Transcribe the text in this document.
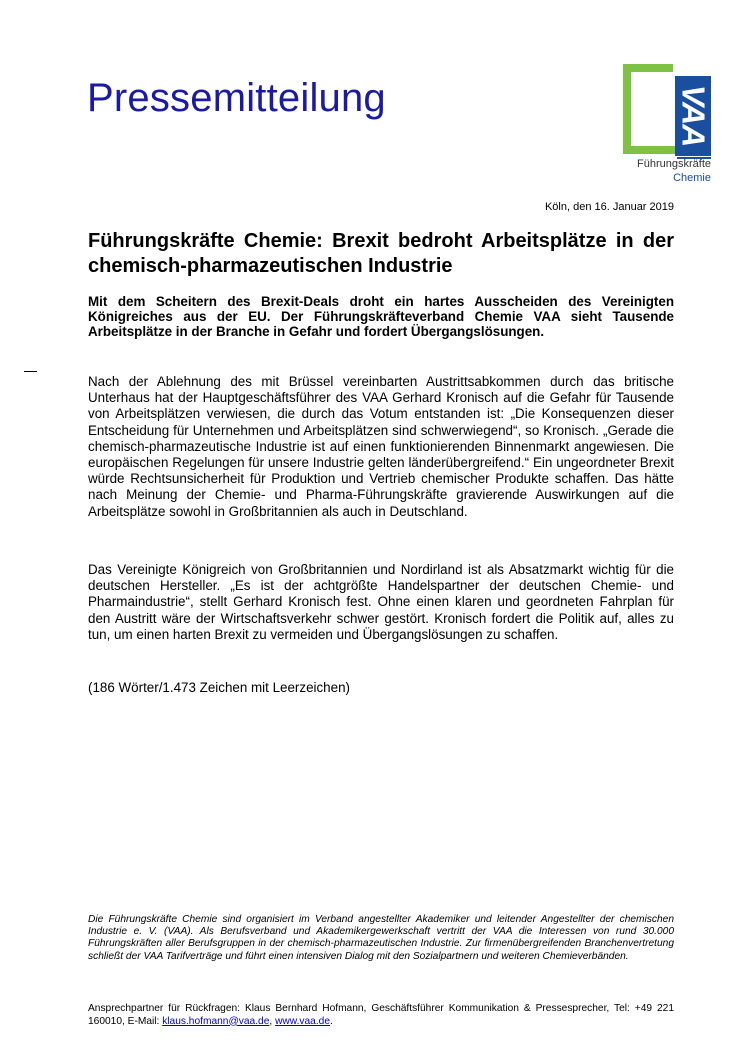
Pressemitteilung	VAA
Führungskräfte
Chemie
Köln, den 16. Januar 2019
Führungskräfte Chemie: Brexit bedroht Arbeitsplätze in der chemisch-pharmazeutischen Industrie
Mit dem Scheitern des Brexit-Deals droht ein hartes Ausscheiden des Vereinigten Königreiches aus der EU. Der Führungskräfteverband Chemie VAA sieht Tausende Arbeitsplätze in der Branche in Gefahr und fordert Übergangslösungen.
Nach der Ablehnung des mit Brüssel vereinbarten Austrittsabkommen durch das britische Unterhaus hat der Hauptgeschäftsführer des VAA Gerhard Kronisch auf die Gefahr für Tausende von Arbeitsplätzen verwiesen, die durch das Votum entstanden ist: „Die Konsequenzen dieser Entscheidung für Unternehmen und Arbeitsplätzen sind schwerwiegend“, so Kronisch. „Gerade die chemisch-pharmazeutische Industrie ist auf einen funktionierenden Binnenmarkt angewiesen. Die europäischen Regelungen für unsere Industrie gelten länderübergreifend.“ Ein ungeordneter Brexit würde Rechtsunsicherheit für Produktion und Vertrieb chemischer Produkte schaffen. Das hätte nach Meinung der Chemie- und Pharma-Führungskräfte gravierende Auswirkungen auf die Arbeitsplätze sowohl in Großbritannien als auch in Deutschland.
Das Vereinigte Königreich von Großbritannien und Nordirland ist als Absatzmarkt wichtig für die deutschen Hersteller. „Es ist der achtgrößte Handelspartner der deutschen Chemie- und Pharmaindustrie“, stellt Gerhard Kronisch fest. Ohne einen klaren und geordneten Fahrplan für den Austritt wäre der Wirtschaftsverkehr schwer gestört. Kronisch fordert die Politik auf, alles zu tun, um einen harten Brexit zu vermeiden und Übergangslösungen zu schaffen.
(186 Wörter/1.473 Zeichen mit Leerzeichen)
Die Führungskräfte Chemie sind organisiert im Verband angestellter Akademiker und leitender Angestellter der chemischen Industrie e. V. (VAA). Als Berufsverband und Akademikergewerkschaft vertritt der VAA die Interessen von rund 30.000 Führungskräften aller Berufsgruppen in der chemisch-pharmazeutischen Industrie. Zur firmenübergreifenden Branchenvertretung schließt der VAA Tarifverträge und führt einen intensiven Dialog mit den Sozialpartnern und weiteren Chemieverbänden.
Ansprechpartner für Rückfragen: Klaus Bernhard Hofmann, Geschäftsführer Kommunikation & Pressesprecher, Tel: +49 221 160010, E-Mail: klaus.hofmann@vaa.de, www.vaa.de.
